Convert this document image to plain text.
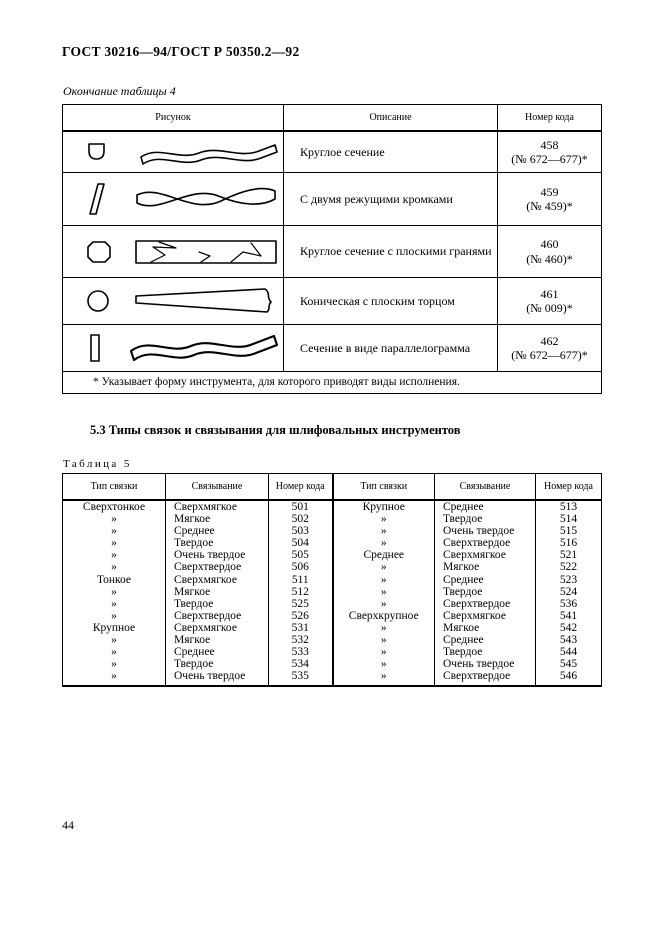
ГОСТ 30216—94/ГОСТ Р 50350.2—92

Окончание таблицы 4

Рисунок	Описание	Номер кода

	Круглое сечение	458
(№ 672—677)*

	С двумя режущими кромками	459
(№ 459)*

	Круглое сечение с плоскими гранями	460
(№ 460)*

	Коническая с плоским торцом	461
(№ 009)*

	Сечение в виде параллелограмма	462
(№ 672—677)*

* Указывает форму инструмента, для которого приводят виды исполнения.		
5.3 Типы связок и связывания для шлифовальных инструментов

Таблица 5

Тип связки	Связывание	Номер кода	Тип связки	Связывание	Номер кода
Сверхтонкое	Сверхмягкое	501	Крупное	Среднее	513
»	Мягкое	502	»	Твердое	514
»	Среднее	503	»	Очень твердое	515
»	Твердое	504	»	Сверхтвердое	516
»	Очень твердое	505	Среднее	Сверхмягкое	521
»	Сверхтвердое	506	»	Мягкое	522
Тонкое	Сверхмягкое	511	»	Среднее	523
»	Мягкое	512	»	Твердое	524
»	Твердое	525	»	Сверхтвердое	536
»	Сверхтвердое	526	Сверхкрупное	Сверхмягкое	541
Крупное	Сверхмягкое	531	»	Мягкое	542
»	Мягкое	532	»	Среднее	543
»	Среднее	533	»	Твердое	544
»	Твердое	534	»	Очень твердое	545
»	Очень твердое	535	»	Сверхтвердое	546
44
